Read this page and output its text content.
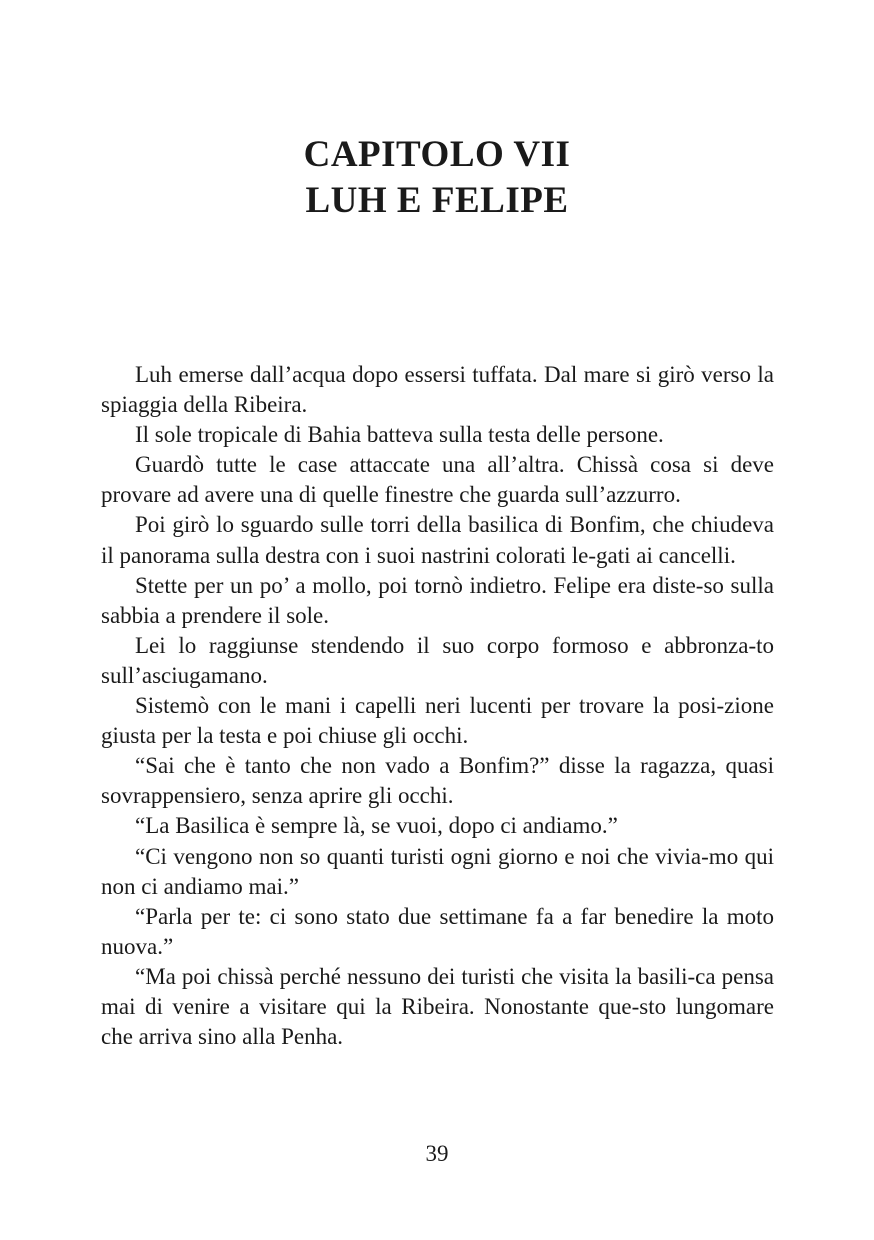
CAPITOLO VII
LUH E FELIPE

Luh emerse dall’acqua dopo essersi tuffata. Dal mare si girò verso la spiaggia della Ribeira.

Il sole tropicale di Bahia batteva sulla testa delle persone.

Guardò tutte le case attaccate una all’altra. Chissà cosa si deve provare ad avere una di quelle finestre che guarda sull’azzurro.

Poi girò lo sguardo sulle torri della basilica di Bonfim, che chiudeva il panorama sulla destra con i suoi nastrini colorati le-gati ai cancelli.

Stette per un po’ a mollo, poi tornò indietro. Felipe era diste-so sulla sabbia a prendere il sole.

Lei lo raggiunse stendendo il suo corpo formoso e abbronza-to sull’asciugamano.

Sistemò con le mani i capelli neri lucenti per trovare la posi-zione giusta per la testa e poi chiuse gli occhi.

“Sai che è tanto che non vado a Bonfim?” disse la ragazza, quasi sovrappensiero, senza aprire gli occhi.

“La Basilica è sempre là, se vuoi, dopo ci andiamo.”

“Ci vengono non so quanti turisti ogni giorno e noi che vivia-mo qui non ci andiamo mai.”

“Parla per te: ci sono stato due settimane fa a far benedire la moto nuova.”

“Ma poi chissà perché nessuno dei turisti che visita la basili-ca pensa mai di venire a visitare qui la Ribeira. Nonostante que-sto lungomare che arriva sino alla Penha.

39
